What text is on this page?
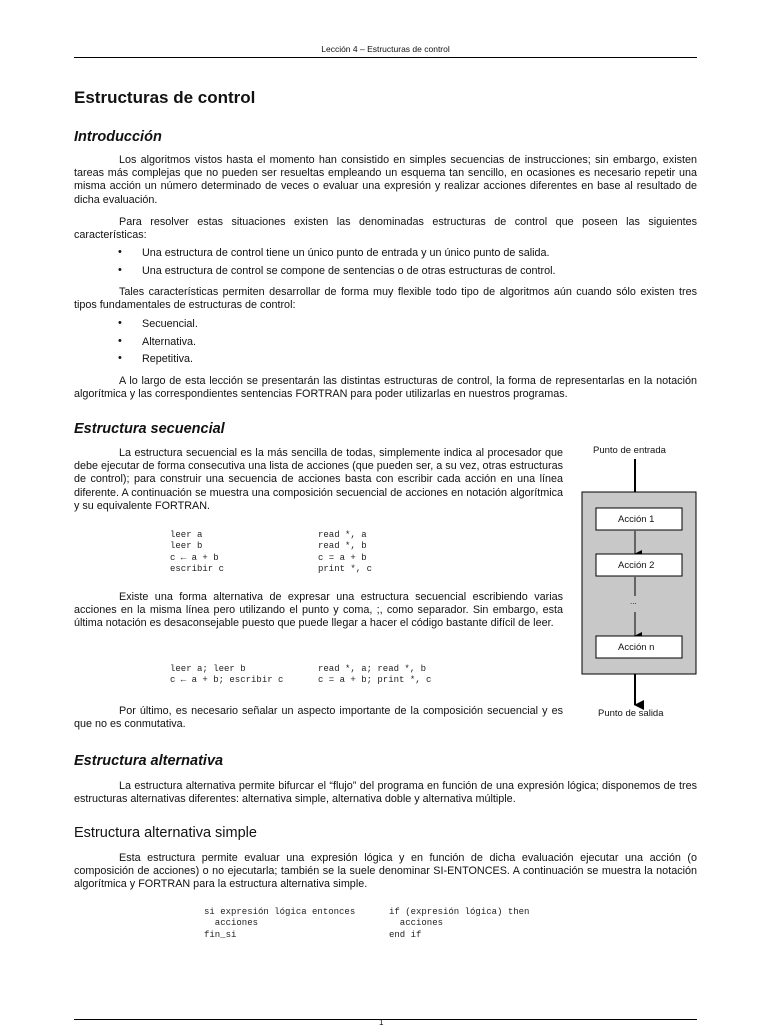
Lección 4 – Estructuras de control
Estructuras de control
Introducción

Los algoritmos vistos hasta el momento han consistido en simples secuencias de instrucciones; sin embargo, existen tareas más complejas que no pueden ser resueltas empleando un esquema tan sencillo, en ocasiones es necesario repetir una misma acción un número determinado de veces o evaluar una expresión y realizar acciones diferentes en base al resultado de dicha evaluación.

Para resolver estas situaciones existen las denominadas estructuras de control que poseen las siguientes características:

• Una estructura de control tiene un único punto de entrada y un único punto de salida.
• Una estructura de control se compone de sentencias o de otras estructuras de control.

Tales características permiten desarrollar de forma muy flexible todo tipo de algoritmos aún cuando sólo existen tres tipos fundamentales de estructuras de control:

• Secuencial.
• Alternativa.
• Repetitiva.

A lo largo de esta lección se presentarán las distintas estructuras de control, la forma de representarlas en la notación algorítmica y las correspondientes sentencias FORTRAN para poder utilizarlas en nuestros programas.

Estructura secuencial

La estructura secuencial es la más sencilla de todas, simplemente indica al procesador que debe ejecutar de forma consecutiva una lista de acciones (que pueden ser, a su vez, otras estructuras de control); para construir una secuencia de acciones basta con escribir cada acción en una línea diferente. A continuación se muestra una composición secuencial de acciones en notación algorítmica y su equivalente FORTRAN.

leer a
leer b
c ← a + b
escribir c
read *, a
read *, b
c = a + b
print *, c

Existe una forma alternativa de expresar una estructura secuencial escribiendo varias acciones en la misma línea pero utilizando el punto y coma, ;, como separador. Sin embargo, esta última notación es desaconsejable puesto que puede llegar a hacer el código bastante difícil de leer.

leer a; leer b
c ← a + b; escribir c
read *, a; read *, b
c = a + b; print *, c

Por último, es necesario señalar un aspecto importante de la composición secuencial y es que no es conmutativa.

Estructura alternativa

La estructura alternativa permite bifurcar el “flujo” del programa en función de una expresión lógica; disponemos de tres estructuras alternativas diferentes: alternativa simple, alternativa doble y alternativa múltiple.

Estructura alternativa simple

Esta estructura permite evaluar una expresión lógica y en función de dicha evaluación ejecutar una acción (o composición de acciones) o no ejecutarla; también se la suele denominar SI-ENTONCES. A continuación se muestra la notación algorítmica y FORTRAN para la estructura alternativa simple.

si expresión lógica entonces
acciones
fin_si
if (expresión lógica) then
acciones
end if
1
Punto de entrada
Acción 1
Acción 2
...
Acción n
Punto de salida
